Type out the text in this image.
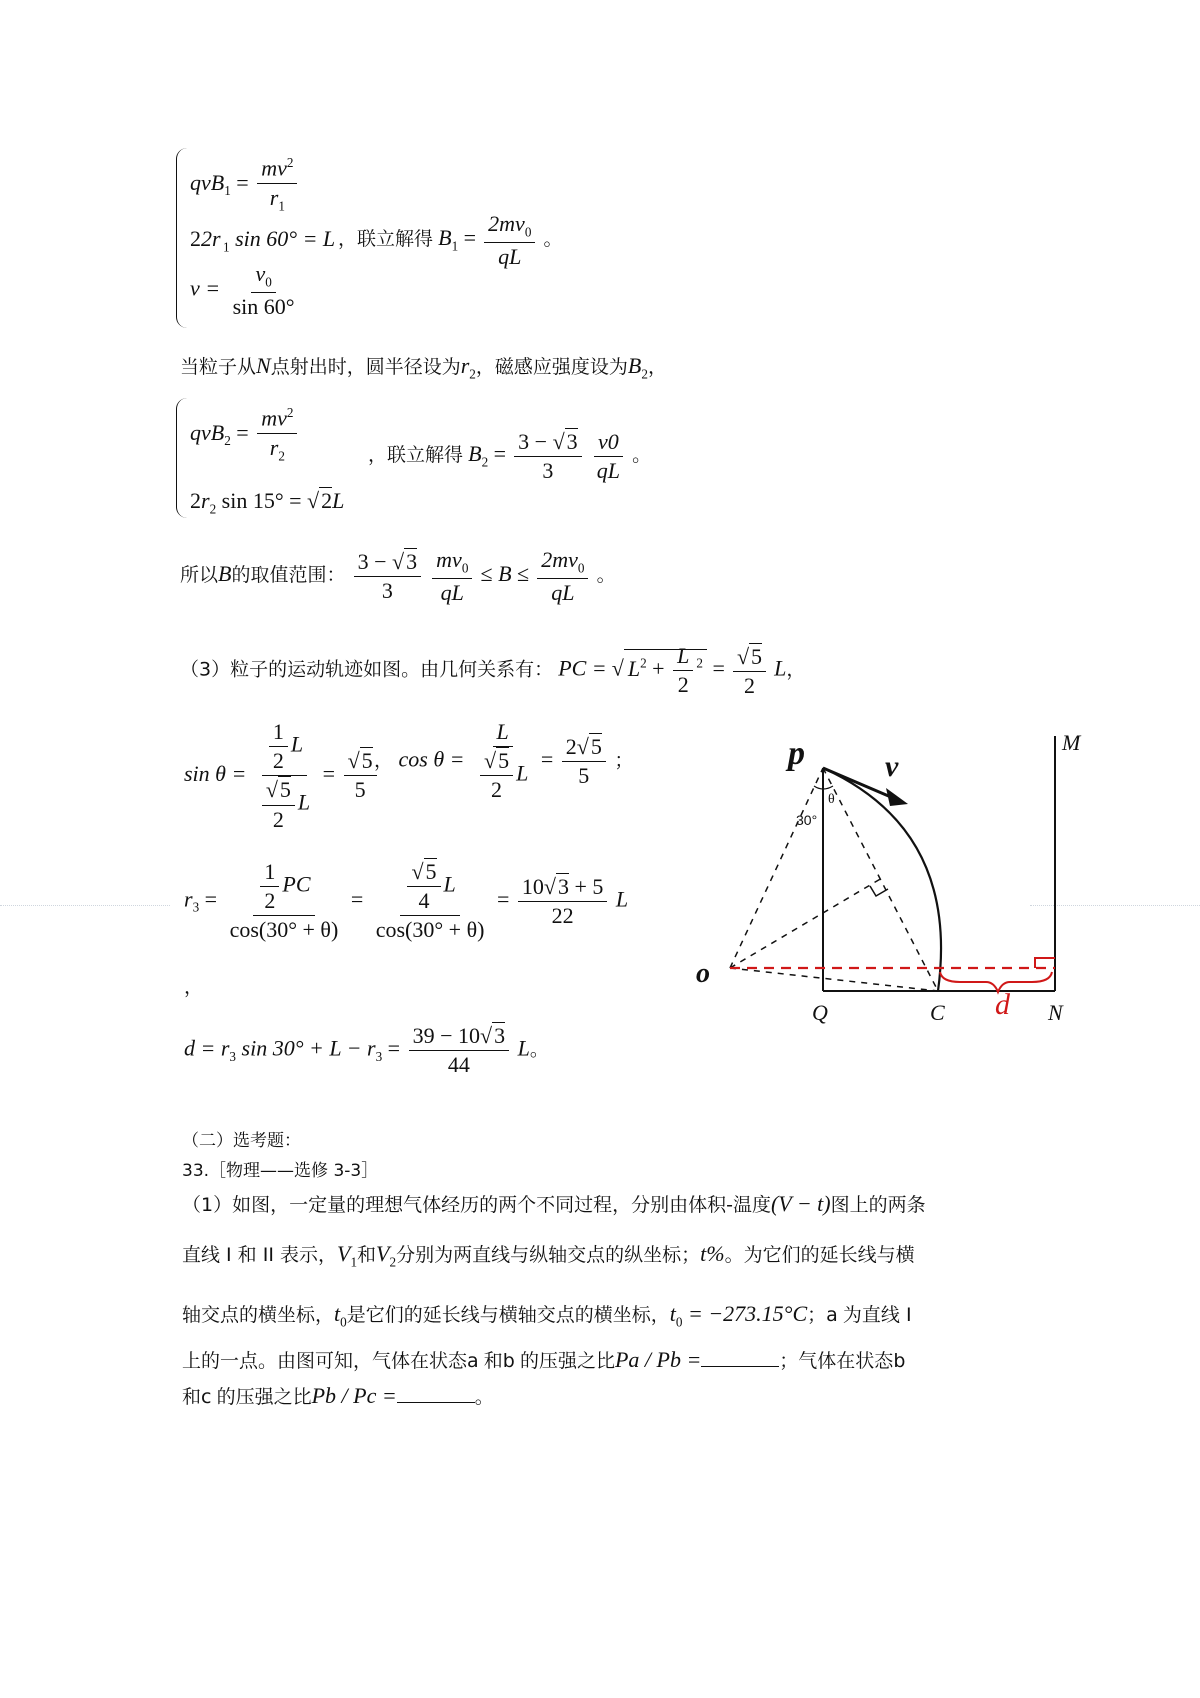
$qvB_1 = \frac{mv^2}{r_1}$
22r $_1$ sin 60° = L ，联立解得 $B_1 = \frac{2mv_0}{qL}$ 。
$v = \frac{v_0}{\sin 60^\circ}$
当粒子从N点射出时，圆半径设为$r_2$，磁感应强度设为$B_2$，
$qvB_2 = \frac{mv^2}{r_2}$
$2r_2$ sin 15° = √2L
，联立解得 $B_2 = \frac{3 - √3}{3}$
$\frac{v0}{qL}$ 。
所以B的取值范围： $\frac{3 - √3}{3}$
$\frac{mv_0}{qL} \le B \le \frac{2mv_0}{qL}$ 。
（3）粒子的运动轨迹如图。由几何关系有： PC = √ $L^2 + \frac{L}{2} ^2 = \frac{√5}{2}$ L，
$\sin \theta = \frac{\frac{1}{2} L}{\frac{√5}{2} L} = \frac{√5}{5}$
， $\cos \theta = \frac{L}{\frac{√5}{2} L} = \frac{2√5}{5}$ ；
$r_3 = \frac{\frac{1}{2} PC}{\cos(30^\circ + \theta)} = \frac{\frac{√5}{4} L}{\cos(30^\circ + \theta)} = \frac{10√3 + 5}{22}$ L
，
$d = r_3$ $\sin 30^\circ + L - r_3 = \frac{39 - 10√3}{44}$ L。
p	v
M
θ
30°
o
Q	C	N
d
（二）选考题：
33.［物理——选修 3-3］
（1）如图，一定量的理想气体经历的两个不同过程，分别由体积-温度(V − t)图上的两条
直线 I 和 II 表示，$V_1$和$V_2$分别为两直线与纵轴交点的纵坐标；t%。为它们的延长线与横
轴交点的横坐标，$t_0$是它们的延长线与横轴交点的横坐标，$t_0 = -273.15^\circ C$；a 为直线 I
上的一点。由图可知，气体在状态a 和b 的压强之比Pa / Pb =	；气体在状态b
和c 的压强之比Pb / Pc =	。
